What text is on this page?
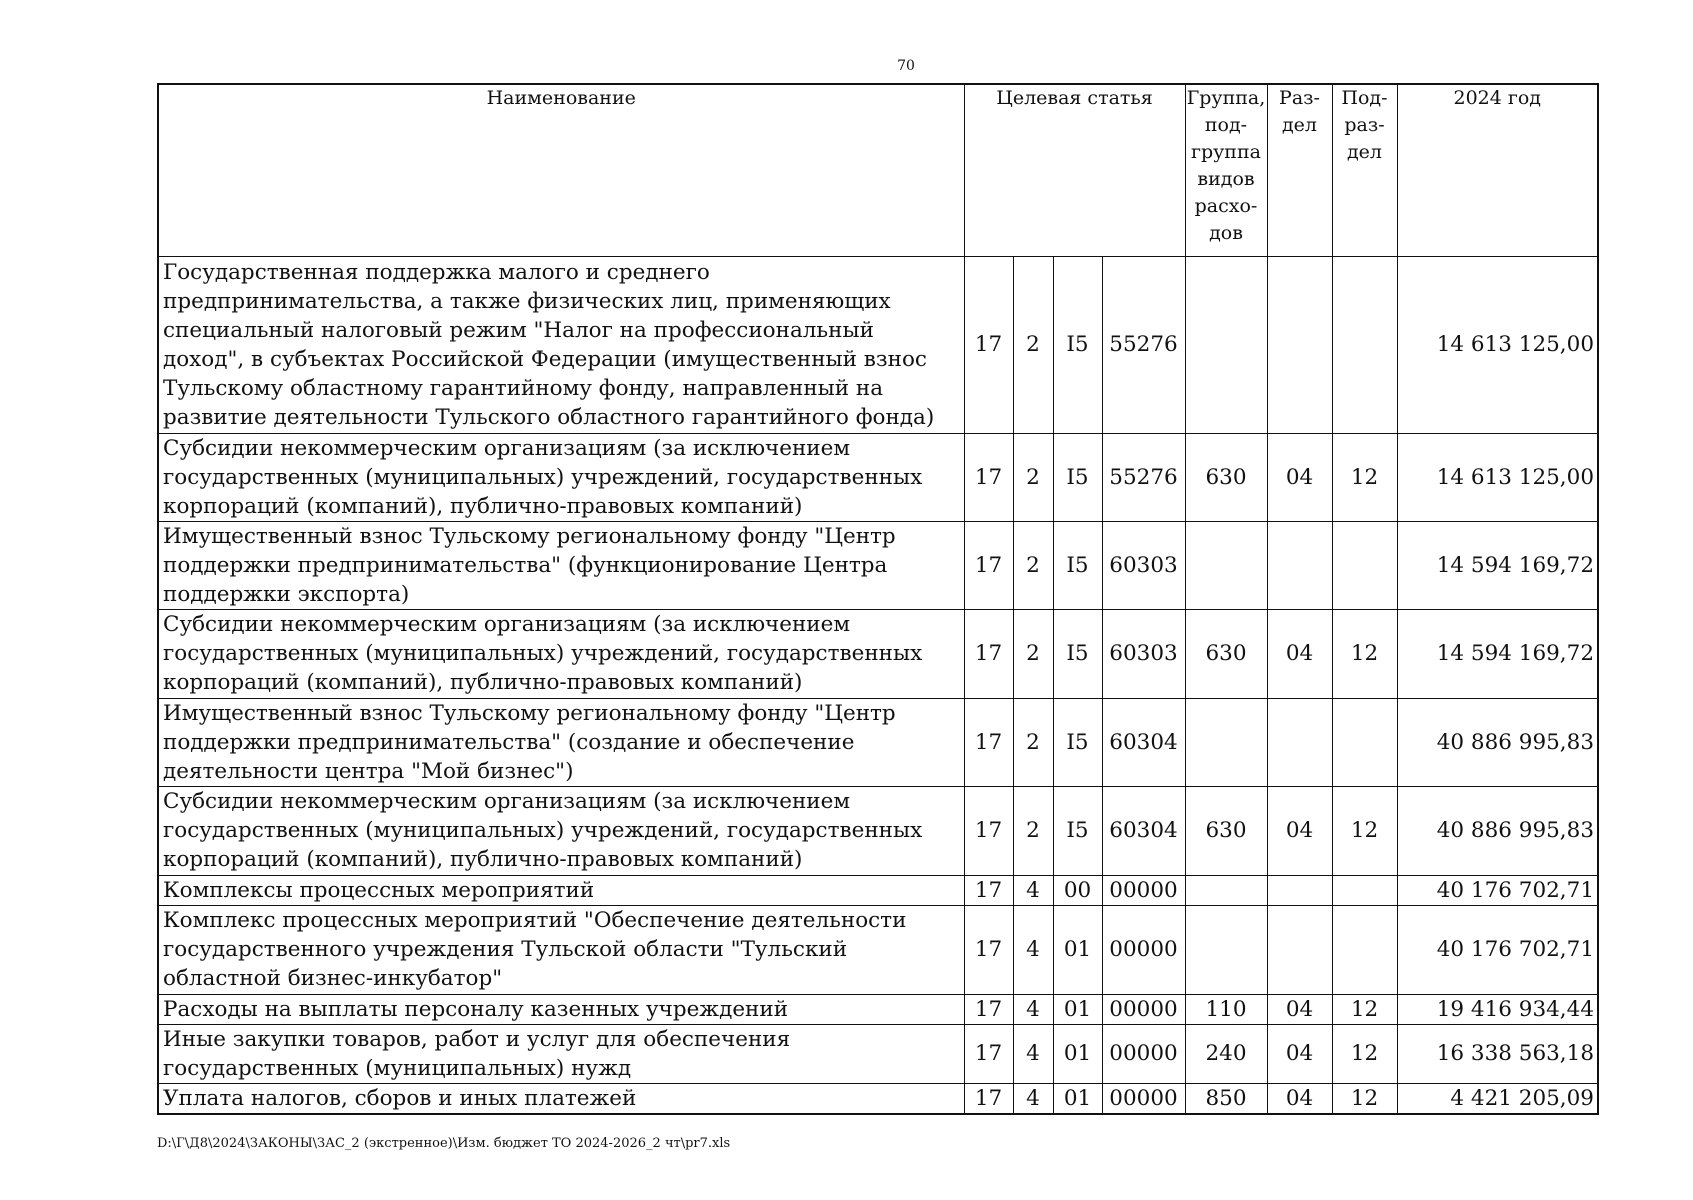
70
Наименование	Целевая статья				Группа, под- группа видов расхо- дов	Раз- дел	Под- раз- дел	2024 год
Государственная поддержка малого и среднего предпринимательства, а также физических лиц, применяющих специальный налоговый режим "Налог на профессиональный доход", в субъектах Российской Федерации (имущественный взнос Тульскому областному гарантийному фонду, направленный на развитие деятельности Тульского областного гарантийного фонда)	17	2	I5	55276				14 613 125,00
Субсидии некоммерческим организациям (за исключением государственных (муниципальных) учреждений, государственных корпораций (компаний), публично-правовых компаний)	17	2	I5	55276	630	04	12	14 613 125,00
Имущественный взнос Тульскому региональному фонду "Центр поддержки предпринимательства" (функционирование Центра поддержки экспорта)	17	2	I5	60303				14 594 169,72
Субсидии некоммерческим организациям (за исключением государственных (муниципальных) учреждений, государственных корпораций (компаний), публично-правовых компаний)	17	2	I5	60303	630	04	12	14 594 169,72
Имущественный взнос Тульскому региональному фонду "Центр поддержки предпринимательства" (создание и обеспечение деятельности центра "Мой бизнес")	17	2	I5	60304				40 886 995,83
Субсидии некоммерческим организациям (за исключением государственных (муниципальных) учреждений, государственных корпораций (компаний), публично-правовых компаний)	17	2	I5	60304	630	04	12	40 886 995,83
Комплексы процессных мероприятий	17	4	00	00000				40 176 702,71
Комплекс процессных мероприятий "Обеспечение деятельности государственного учреждения Тульской области "Тульский областной бизнес-инкубатор"	17	4	01	00000				40 176 702,71
Расходы на выплаты персоналу казенных учреждений	17	4	01	00000	110	04	12	19 416 934,44
Иные закупки товаров, работ и услуг для обеспечения государственных (муниципальных) нужд	17	4	01	00000	240	04	12	16 338 563,18
Уплата налогов, сборов и иных платежей	17	4	01	00000	850	04	12	4 421 205,09
D:\Г\Д8\2024\ЗАКОНЫ\ЗАС_2 (экстренное)\Изм. бюджет ТО 2024-2026_2 чт\pr7.xls
